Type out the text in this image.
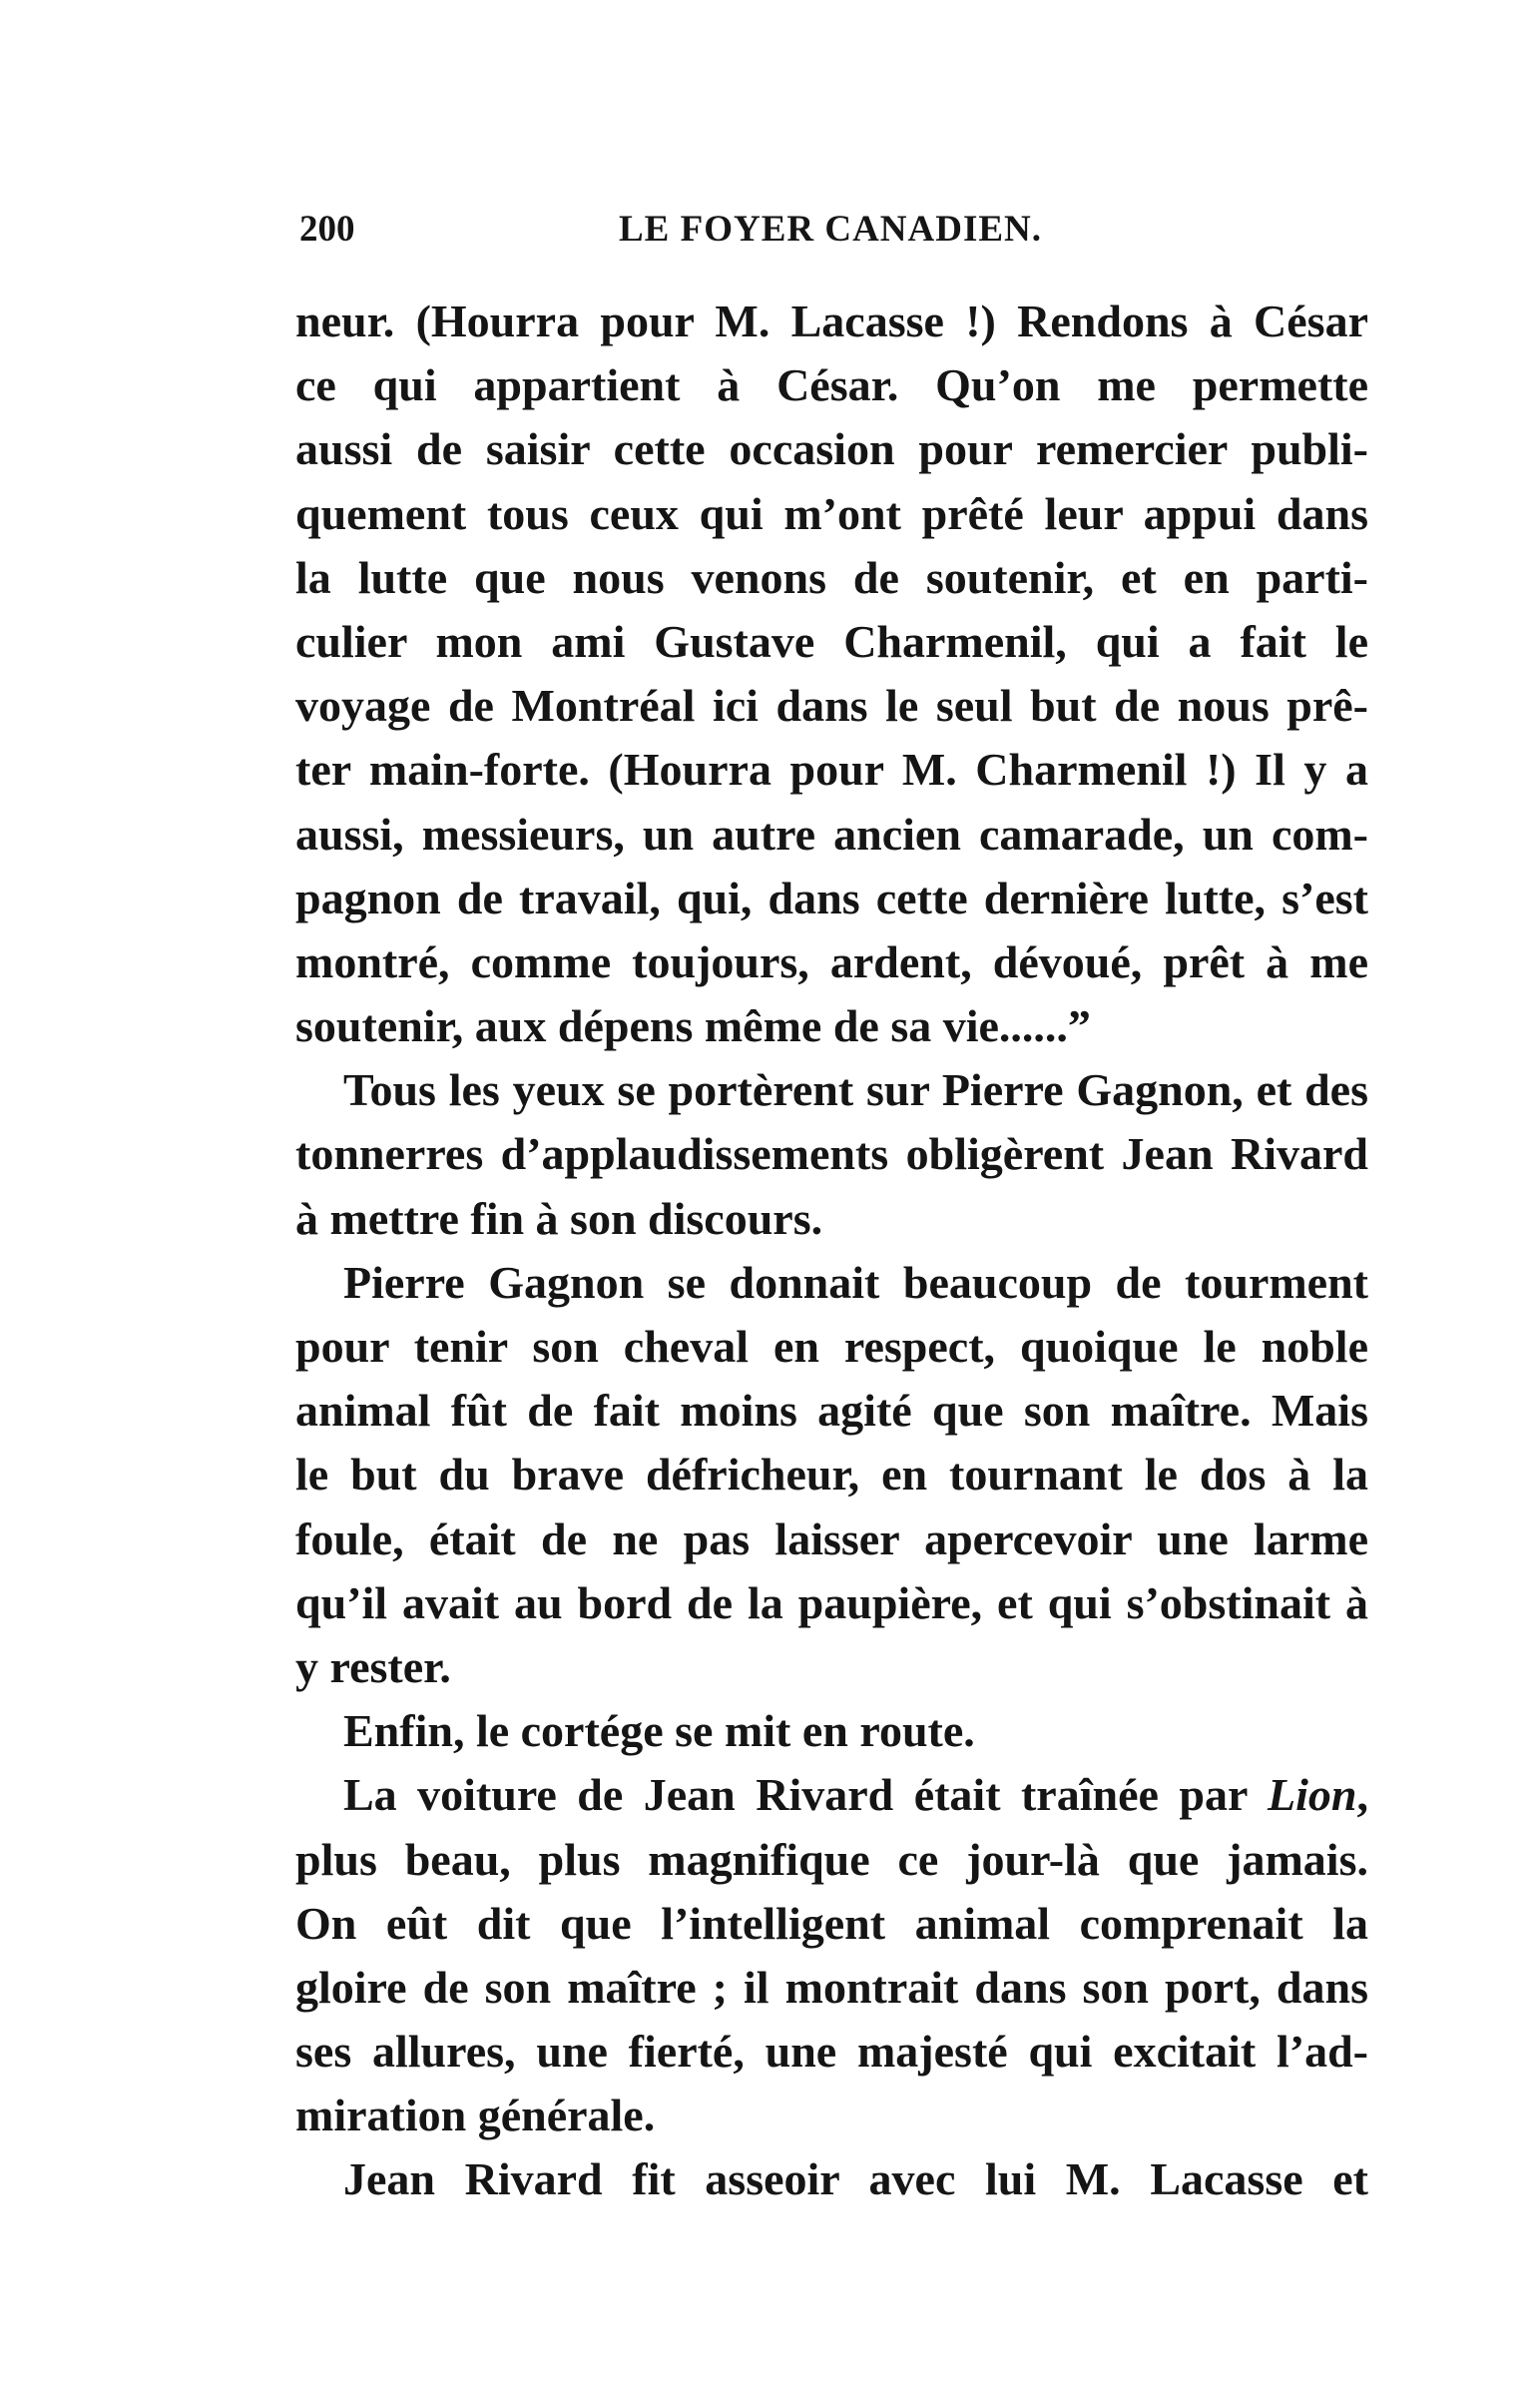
200	LE FOYER CANADIEN.
neur. (Hourra pour M. Lacasse !) Rendons à César
ce qui appartient à César. Qu’on me permette
aussi de saisir cette occasion pour remercier publi-
quement tous ceux qui m’ont prêté leur appui dans
la lutte que nous venons de soutenir, et en parti-
culier mon ami Gustave Charmenil, qui a fait le
voyage de Montréal ici dans le seul but de nous prê-
ter main-forte. (Hourra pour M. Charmenil !) Il y a
aussi, messieurs, un autre ancien camarade, un com-
pagnon de travail, qui, dans cette dernière lutte, s’est
montré, comme toujours, ardent, dévoué, prêt à me
soutenir, aux dépens même de sa vie......”
Tous les yeux se portèrent sur Pierre Gagnon, et des
tonnerres d’applaudissements obligèrent Jean Rivard
à mettre fin à son discours.
Pierre Gagnon se donnait beaucoup de tourment
pour tenir son cheval en respect, quoique le noble
animal fût de fait moins agité que son maître. Mais
le but du brave défricheur, en tournant le dos à la
foule, était de ne pas laisser apercevoir une larme
qu’il avait au bord de la paupière, et qui s’obstinait à
y rester.
Enfin, le cortége se mit en route.
La voiture de Jean Rivard était traînée par Lion,
plus beau, plus magnifique ce jour-là que jamais.
On eût dit que l’intelligent animal comprenait la
gloire de son maître ; il montrait dans son port, dans
ses allures, une fierté, une majesté qui excitait l’ad-
miration générale.
Jean Rivard fit asseoir avec lui M. Lacasse et
